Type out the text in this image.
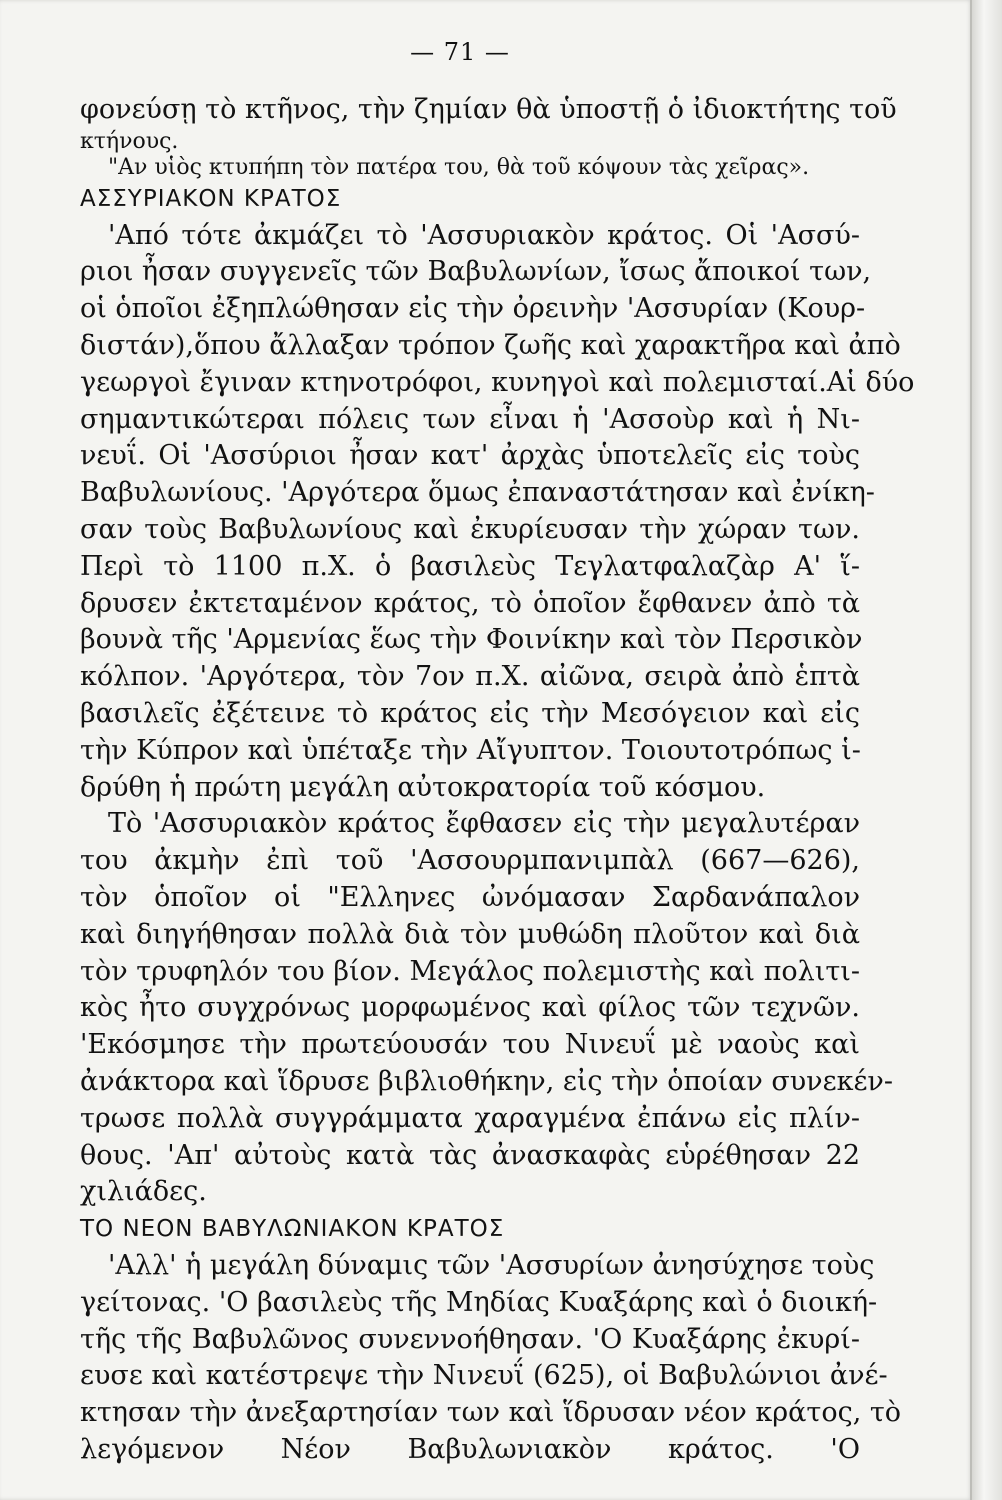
— 71 —
φονεύσῃ τὸ κτῆνος, τὴν ζημίαν θὰ ὑποστῇ ὁ ἰδιοκτήτης τοῦ
κτήνους.
"Αν υἱὸς κτυπήπη τὸν πατέρα του, θὰ τοῦ κόψουν τὰς χεῖρας».
ΑΣΣΥΡΙΑΚΟΝ ΚΡΑΤΟΣ
'Από τότε ἀκμάζει τὸ 'Ασσυριακὸν κράτος. Οἱ 'Ασσύ-
ριοι ἦσαν συγγενεῖς τῶν Βαβυλωνίων, ἴσως ἄποικοί των,
οἱ ὁποῖοι ἐξηπλώθησαν εἰς τὴν ὀρεινὴν 'Ασσυρίαν (Κουρ-
διστάν),ὅπου ἄλλαξαν τρόπον ζωῆς καὶ χαρακτῆρα καὶ ἀπὸ
γεωργοὶ ἔγιναν κτηνοτρόφοι, κυνηγοὶ καὶ πολεμισταί.Αἱ δύο
σημαντικώτεραι πόλεις των εἶναι ἡ 'Ασσοὺρ καὶ ἡ Νι-
νευΐ. Οἱ 'Ασσύριοι ἦσαν κατ' ἀρχὰς ὑποτελεῖς εἰς τοὺς
Βαβυλωνίους. 'Αργότερα ὅμως ἐπαναστάτησαν καὶ ἐνίκη-
σαν τοὺς Βαβυλωνίους καὶ ἐκυρίευσαν τὴν χώραν των.
Περὶ τὸ 1100 π.Χ. ὁ βασιλεὺς Τεγλατφαλαζὰρ Α' ἵ-
δρυσεν ἐκτεταμένον κράτος, τὸ ὁποῖον ἔφθανεν ἀπὸ τὰ
βουνὰ τῆς 'Αρμενίας ἕως τὴν Φοινίκην καὶ τὸν Περσικὸν
κόλπον. 'Αργότερα, τὸν 7ον π.Χ. αἰῶνα, σειρὰ ἀπὸ ἑπτὰ
βασιλεῖς ἐξέτεινε τὸ κράτος εἰς τὴν Μεσόγειον καὶ εἰς
τὴν Κύπρον καὶ ὑπέταξε τὴν Αἴγυπτον. Τοιουτοτρόπως ἱ-
δρύθη ἡ πρώτη μεγάλη αὐτοκρατορία τοῦ κόσμου.
Τὸ 'Ασσυριακὸν κράτος ἔφθασεν εἰς τὴν μεγαλυτέραν
του ἀκμὴν ἐπὶ τοῦ 'Ασσουρμπανιμπὰλ (667—626),
τὸν ὁποῖον οἱ "Ελληνες ὠνόμασαν Σαρδανάπαλον
καὶ διηγήθησαν πολλὰ διὰ τὸν μυθώδη πλοῦτον καὶ διὰ
τὸν τρυφηλόν του βίον. Μεγάλος πολεμιστὴς καὶ πολιτι-
κὸς ἦτο συγχρόνως μορφωμένος καὶ φίλος τῶν τεχνῶν.
'Εκόσμησε τὴν πρωτεύουσάν του Νινευΐ μὲ ναοὺς καὶ
ἀνάκτορα καὶ ἵδρυσε βιβλιοθήκην, εἰς τὴν ὁποίαν συνεκέν-
τρωσε πολλὰ συγγράμματα χαραγμένα ἐπάνω εἰς πλίν-
θους. 'Απ' αὐτοὺς κατὰ τὰς ἀνασκαφὰς εὑρέθησαν 22
χιλιάδες.
ΤΟ ΝΕΟΝ ΒΑΒΥΛΩΝΙΑΚΟΝ ΚΡΑΤΟΣ
'Αλλ' ἡ μεγάλη δύναμις τῶν 'Ασσυρίων ἀνησύχησε τοὺς
γείτονας. 'Ο βασιλεὺς τῆς Μηδίας Κυαξάρης καὶ ὁ διοική-
τῆς τῆς Βαβυλῶνος συνεννοήθησαν. 'Ο Κυαξάρης ἐκυρί-
ευσε καὶ κατέστρεψε τὴν Νινευΐ (625), οἱ Βαβυλώνιοι ἀνέ-
κτησαν τὴν ἀνεξαρτησίαν των καὶ ἵδρυσαν νέον κράτος, τὸ
λεγόμενον Νέον Βαβυλωνιακὸν κράτος. 'Ο
